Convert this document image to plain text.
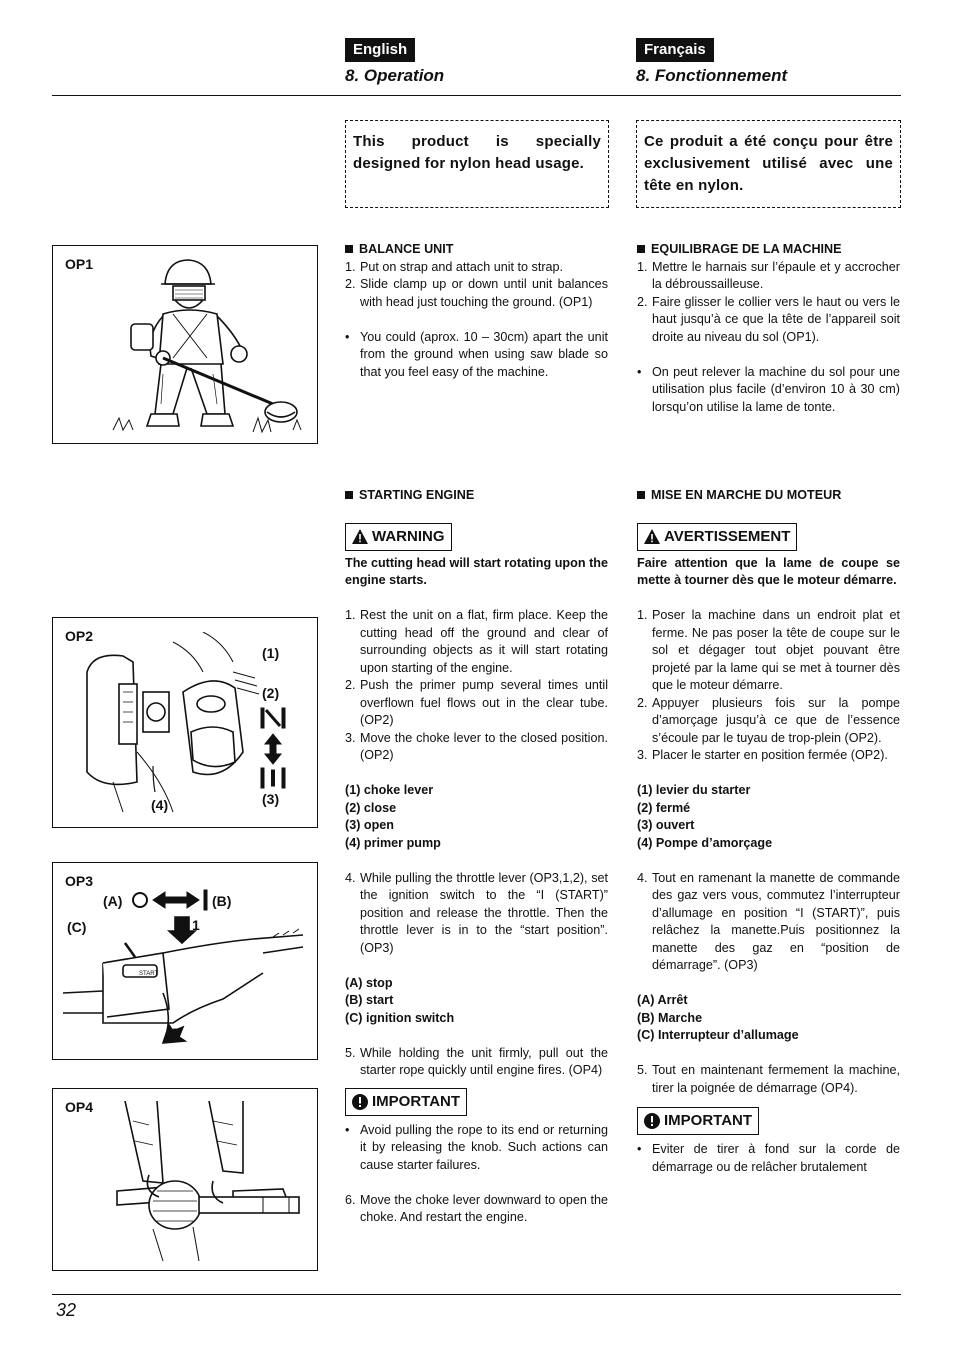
English	Français
8. Operation	8. Fonctionnement
This product is specially designed for nylon head usage.
Ce produit a été conçu pour être exclusivement utilisé avec une tête en nylon.
OP1
OP2
(1)
(2)
(3)
(4)
OP3
(A)	(B)
(C)	1
START
OP4
BALANCE UNIT
1. Put on strap and attach unit to strap.
2. Slide clamp up or down until unit balances with head just touching the ground. (OP1)
• You could (aprox. 10 – 30cm) apart the unit from the ground when using saw blade so that you feel easy of the machine.
STARTING ENGINE
WARNING

The cutting head will start rotating upon the engine starts.

1. Rest the unit on a flat, firm place. Keep the cutting head off the ground and clear of surrounding objects as it will start rotating upon starting of the engine.
2. Push the primer pump several times until overflown fuel flows out in the clear tube. (OP2)
3. Move the choke lever to the closed position. (OP2)

(1) choke lever

(2) close

(3) open

(4) primer pump

4. While pulling the throttle lever (OP3,1,2), set the ignition switch to the “I (START)” position and release the throttle. Then the throttle lever is in to the “start position”. (OP3)

(A) stop

(B) start

(C) ignition switch

5. While holding the unit firmly, pull out the starter rope quickly until engine fires. (OP4)
IMPORTANT
• Avoid pulling the rope to its end or returning it by releasing the knob. Such actions can cause starter failures.
6. Move the choke lever downward to open the choke. And restart the engine.
EQUILIBRAGE DE LA MACHINE
1. Mettre le harnais sur l’épaule et y accrocher la débroussailleuse.
2. Faire glisser le collier vers le haut ou vers le haut jusqu’à ce que la tête de l’appareil soit droite au niveau du sol (OP1).
• On peut relever la machine du sol pour une utilisation plus facile (d’environ 10 à 30 cm) lorsqu’on utilise la lame de tonte.
MISE EN MARCHE DU MOTEUR
AVERTISSEMENT

Faire attention que la lame de coupe se mette à tourner dès que le moteur démarre.

1. Poser la machine dans un endroit plat et ferme. Ne pas poser la tête de coupe sur le sol et dégager tout objet pouvant être projeté par la lame qui se met à tourner dès que le moteur démarre.
2. Appuyer plusieurs fois sur la pompe d’amorçage jusqu’à ce que de l’essence s’écoule par le tuyau de trop-plein (OP2).
3. Placer le starter en position fermée (OP2).

(1) levier du starter

(2) fermé

(3) ouvert

(4) Pompe d’amorçage

4. Tout en ramenant la manette de commande des gaz vers vous, commutez l’interrupteur d’allumage en position “I (START)”, puis relâchez la manette.Puis positionnez la manette des gaz en “position de démarrage”. (OP3)

(A) Arrêt

(B) Marche

(C) Interrupteur d’allumage

5. Tout en maintenant fermement la machine, tirer la poignée de démarrage (OP4).
IMPORTANT
• Eviter de tirer à fond sur la corde de démarrage ou de relâcher brutalement
32
